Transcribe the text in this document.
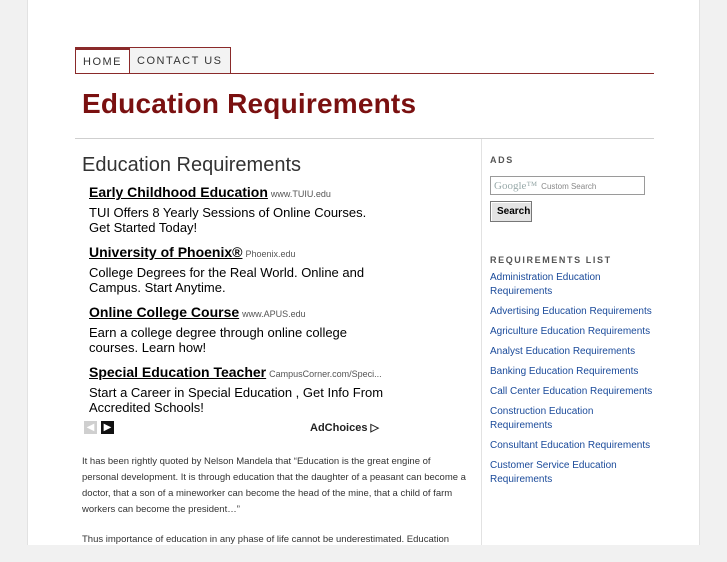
HOME	CONTACT US
Education Requirements
Education Requirements
Early Childhood Education www.TUIU.edu
TUI Offers 8 Yearly Sessions of Online Courses. Get Started Today!
University of Phoenix® Phoenix.edu
College Degrees for the Real World. Online and Campus. Start Anytime.
Online College Course www.APUS.edu
Earn a college degree through online college courses. Learn how!
Special Education Teacher CampusCorner.com/Speci...
Start a Career in Special Education , Get Info From Accredited Schools!
◀ ▶	AdChoices ▷

It has been rightly quoted by Nelson Mandela that “Education is the great engine of personal development. It is through education that the daughter of a peasant can become a doctor, that a son of a mineworker can become the head of the mine, that a child of farm workers can become the president…”

Thus importance of education in any phase of life cannot be underestimated. Education

ADS
Google™ Custom Search
Search
REQUIREMENTS LIST
Administration Education Requirements
Advertising Education Requirements
Agriculture Education Requirements
Analyst Education Requirements
Banking Education Requirements
Call Center Education Requirements
Construction Education Requirements
Consultant Education Requirements
Customer Service Education Requirements
